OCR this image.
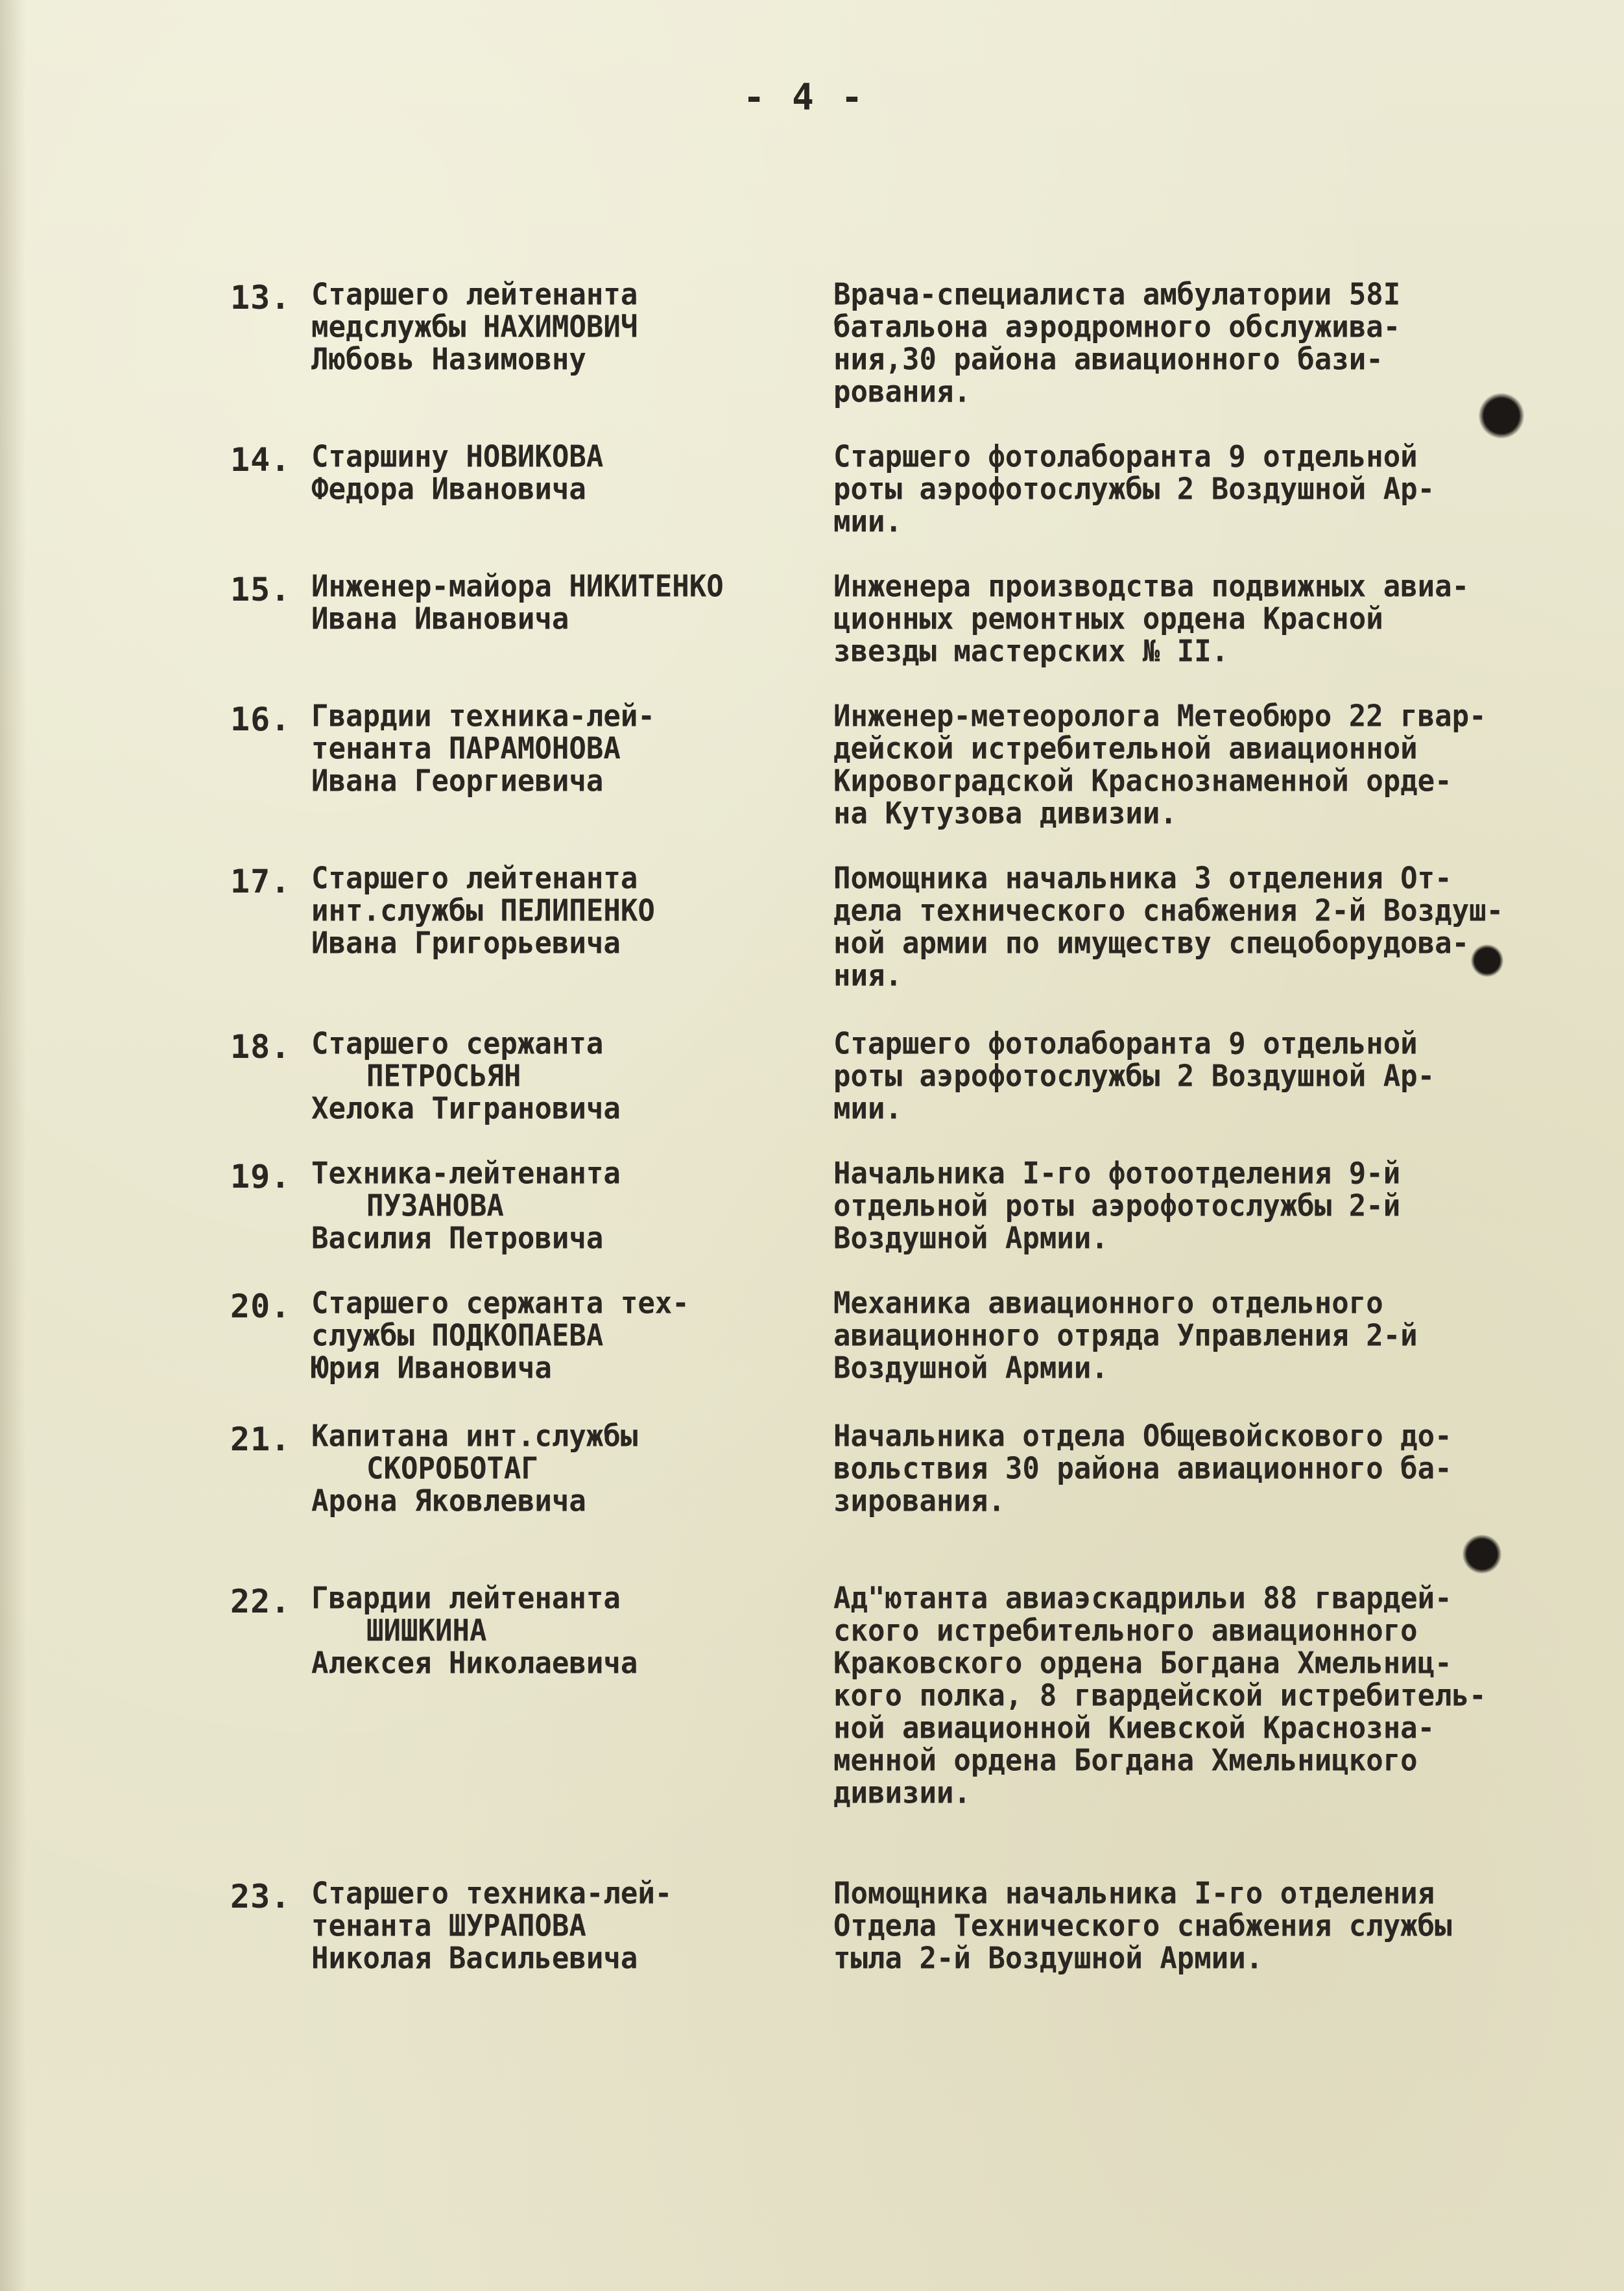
- 4 -
13. Старшего лейтенанта
медслужбы НАХИМОВИЧ
Любовь Назимовну
Врача-специалиста амбулатории 58I
батальона аэродромного обслужива-
ния,30 района авиационного бази-
рования.
14. Старшину НОВИКОВА
Федора Ивановича
Старшего фотолаборанта 9 отдельной
роты аэрофотослужбы 2 Воздушной Ар-
мии.
15. Инженер-майора НИКИТЕНКО
Ивана Ивановича
Инженера производства подвижных авиа-
ционных ремонтных ордена Красной
звезды мастерских № II.
16. Гвардии техника-лей-
тенанта ПАРАМОНОВА
Ивана Георгиевича
Инженер-метеоролога Метеобюро 22 гвар-
дейской истребительной авиационной
Кировоградской Краснознаменной орде-
на Кутузова дивизии.
17. Старшего лейтенанта
инт.службы ПЕЛИПЕНКО
Ивана Григорьевича
Помощника начальника 3 отделения От-
дела технического снабжения 2-й Воздуш-
ной армии по имуществу спецоборудова-
ния.
18. Старшего сержанта
ПЕТРОСЬЯН
Хелока Тиграновича
Старшего фотолаборанта 9 отдельной
роты аэрофотослужбы 2 Воздушной Ар-
мии.
19. Техника-лейтенанта
ПУЗАНОВА
Василия Петровича
Начальника I-го фотоотделения 9-й
отдельной роты аэрофотослужбы 2-й
Воздушной Армии.
20. Старшего сержанта тех-
службы ПОДКОПАЕВА
Юрия Ивановича
Механика авиационного отдельного
авиационного отряда Управления 2-й
Воздушной Армии.
21. Капитана инт.службы
СКОРОБОТАГ
Арона Яковлевича
Начальника отдела Общевойскового до-
вольствия 30 района авиационного ба-
зирования.
22. Гвардии лейтенанта
ШИШКИНА
Алексея Николаевича
Ад"ютанта авиаэскадрильи 88 гвардей-
ского истребительного авиационного
Краковского ордена Богдана Хмельниц-
кого полка, 8 гвардейской истребитель-
ной авиационной Киевской Краснозна-
менной ордена Богдана Хмельницкого
дивизии.
23. Старшего техника-лей-
тенанта ШУРАПОВА
Николая Васильевича
Помощника начальника I-го отделения
Отдела Технического снабжения службы
тыла 2-й Воздушной Армии.
